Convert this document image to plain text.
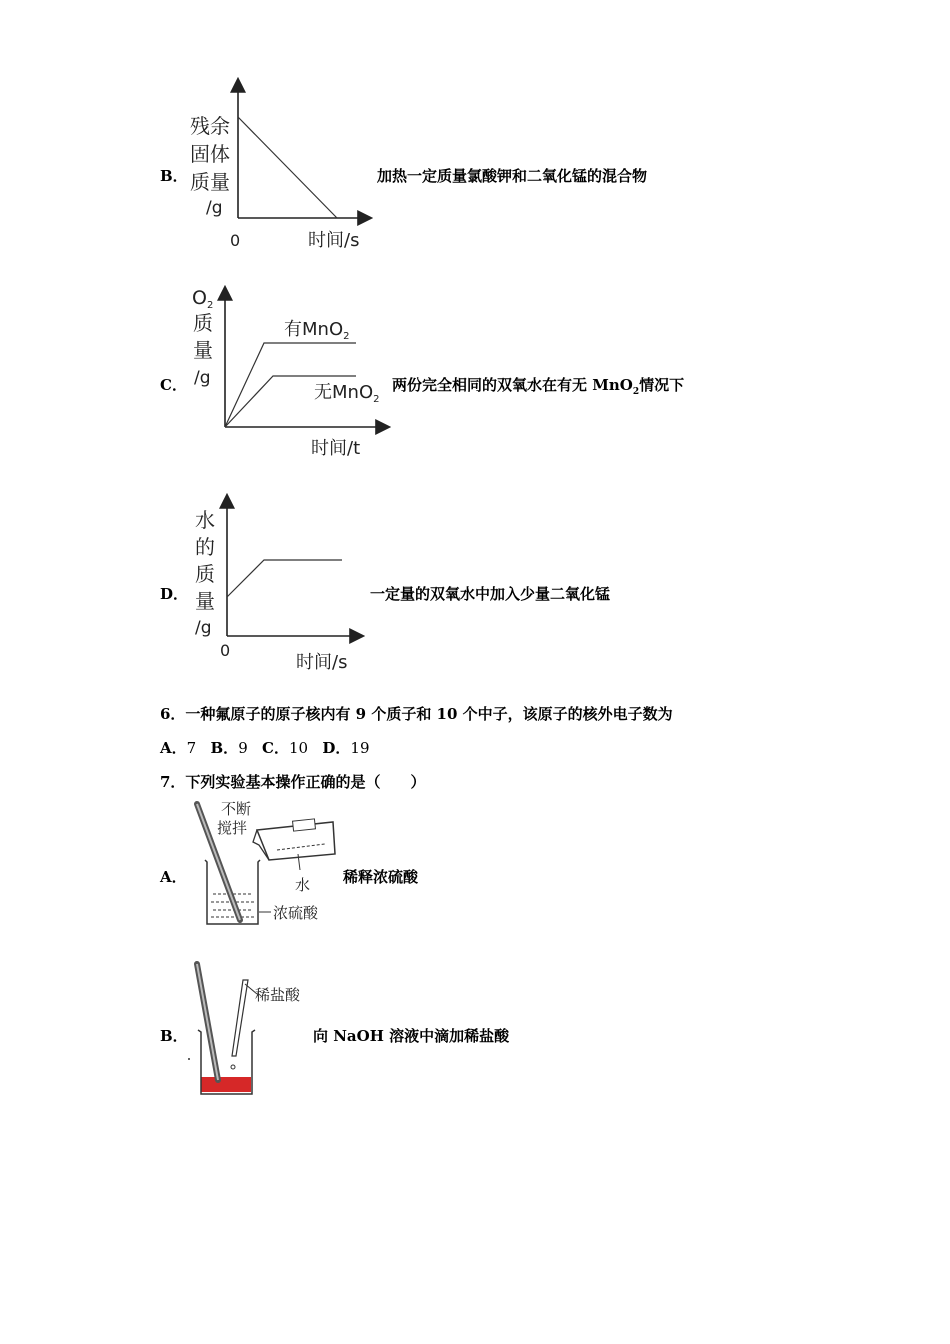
B．
残余
固体
质量
/g
0	时间/s
加热一定质量氯酸钾和二氧化锰的混合物
C．
$O_2$
质
量
/g
有MnO$_2$
无MnO$_2$
时间/t
两份完全相同的双氧水在有无 MnO$_2$情况下
D．
水
的
质
量
/g
0
时间/s
一定量的双氧水中加入少量二氧化锰
6．一种氟原子的原子核内有 9 个质子和 10 个中子，该原子的核外电子数为
A．7 B．9 C．10 D．19
7．下列实验基本操作正确的是（　　）
A．
不断
搅拌
水
浓硫酸
稀释浓硫酸
B．
稀盐酸
向 NaOH 溶液中滴加稀盐酸
